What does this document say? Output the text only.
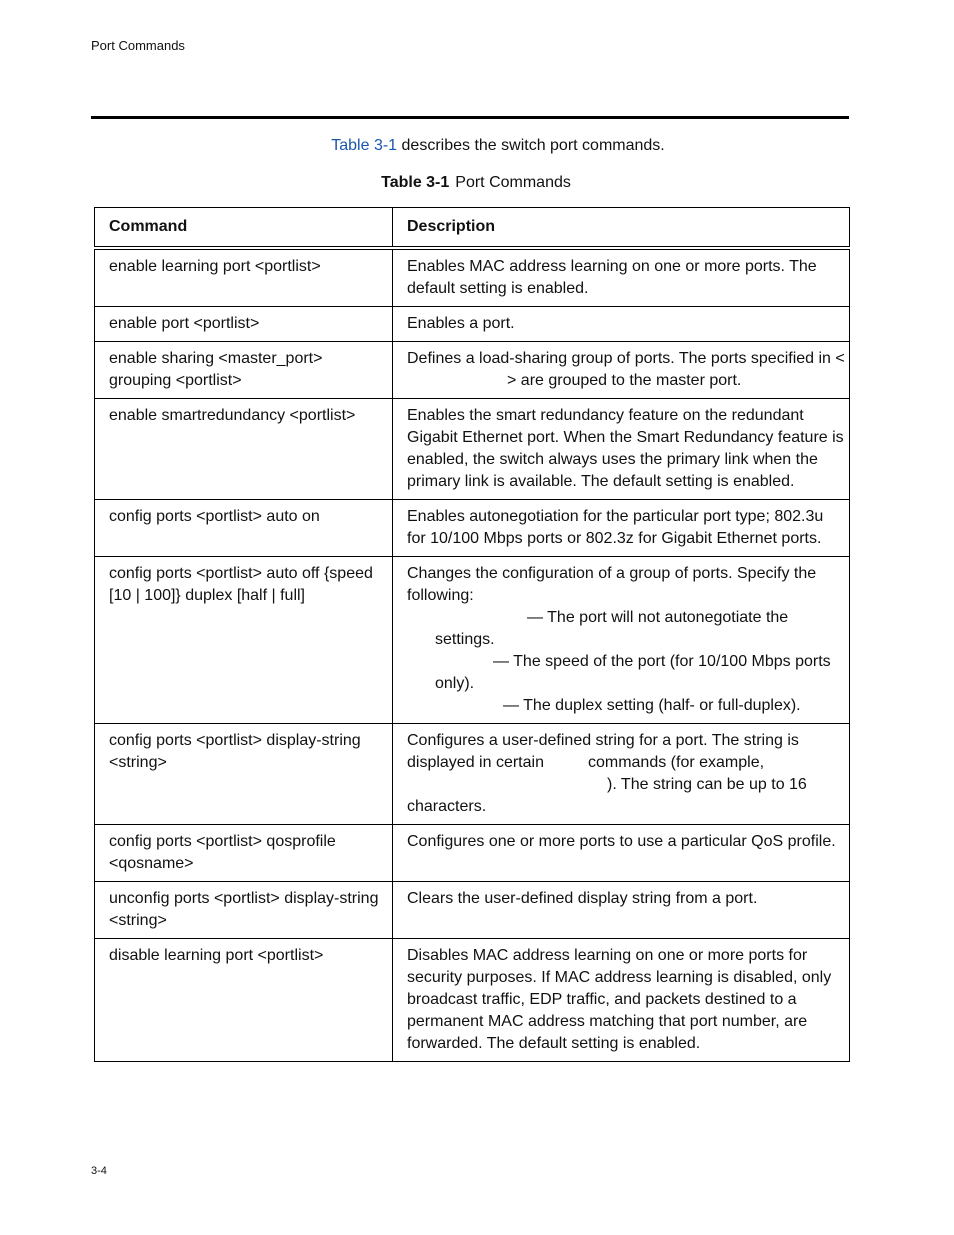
Port Commands
Table 3-1 describes the switch port commands.
Table 3-1 Port Commands
Command	Description
enable learning port <portlist>	Enables MAC address learning on one or more ports. The default setting is enabled.
enable port <portlist>	Enables a port.
enable sharing <master_port> grouping <portlist>	Defines a load-sharing group of ports. The ports specified in <> are grouped to the master port.
enable smartredundancy <portlist>	Enables the smart redundancy feature on the redundant Gigabit Ethernet port. When the Smart Redundancy feature is enabled, the switch always uses the primary link when the primary link is available. The default setting is enabled.
config ports <portlist> auto on	Enables autonegotiation for the particular port type; 802.3u for 10/100 Mbps ports or 802.3z for Gigabit Ethernet ports.
config ports <portlist> auto off {speed [10 | 100]} duplex [half | full]	Changes the configuration of a group of ports. Specify the following:
— The port will not autonegotiate the settings.
— The speed of the port (for 10/100 Mbps ports only).
— The duplex setting (half- or full-duplex).

config ports <portlist> display-string <string>	Configures a user-defined string for a port. The string is displayed in certain commands (for example,). The string can be up to 16 characters.
config ports <portlist> qosprofile <qosname>	Configures one or more ports to use a particular QoS profile.
unconfig ports <portlist> display-string <string>	Clears the user-defined display string from a port.
disable learning port <portlist>	Disables MAC address learning on one or more ports for security purposes. If MAC address learning is disabled, only broadcast traffic, EDP traffic, and packets destined to a permanent MAC address matching that port number, are forwarded. The default setting is enabled.
3-4
